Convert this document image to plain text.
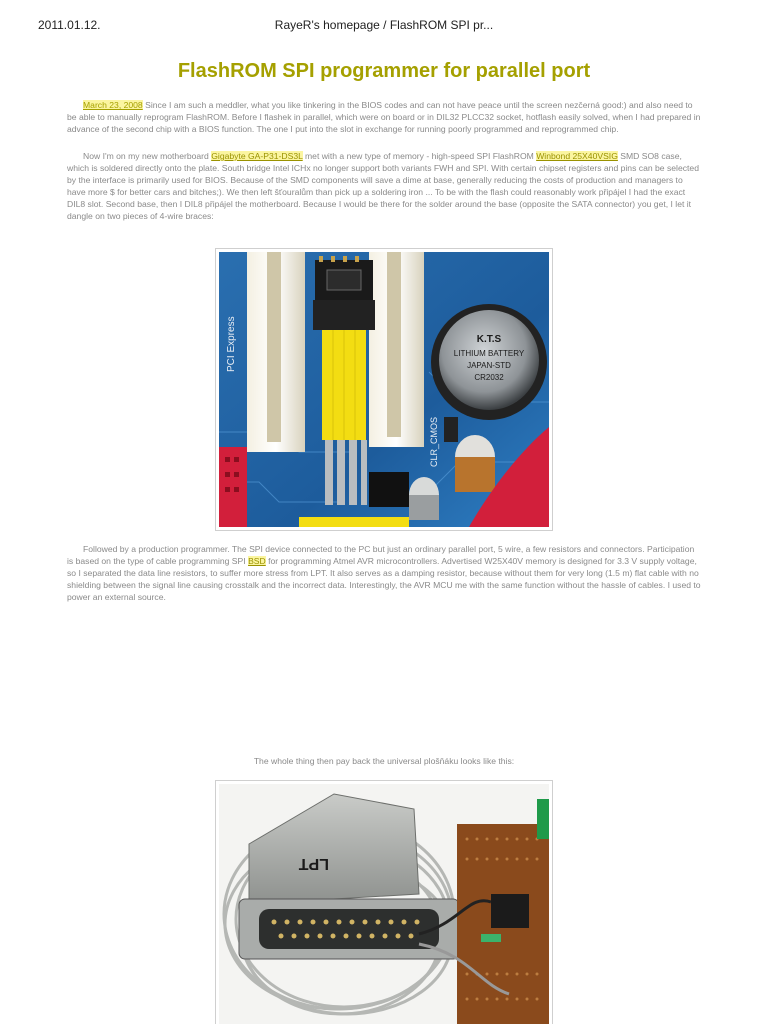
2011.01.12.	RayeR's homepage / FlashROM SPI pr...
FlashROM SPI programmer for parallel port

March 23, 2008 Since I am such a meddler, what you like tinkering in the BIOS codes and can not have peace until the screen nezčerná good:) and also need to be able to manually reprogram FlashROM. Before I flashek in parallel, which were on board or in DIL32 PLCC32 socket, hotflash easily solved, when I had prepared in advance of the second chip with a BIOS function. The one I put into the slot in exchange for running poorly programmed and reprogrammed chip.

Now I'm on my new motherboard Gigabyte GA-P31-DS3L met with a new type of memory - high-speed SPI FlashROM Winbond 25X40VSIG SMD SO8 case, which is soldered directly onto the plate. South bridge Intel ICHx no longer support both variants FWH and SPI. With certain chipset registers and pins can be selected by the interface is primarily used for BIOS. Because of the SMD components will save a dime at base, generally reducing the costs of production and managers to have more $ for better cars and bitches;). We then left šťouralům than pick up a soldering iron ... To be with the flash could reasonably work připájel I had the exact DIL8 slot. Second base, then I DIL8 připájel the motherboard. Because I would be there for the solder around the base (opposite the SATA connector) you get, I let it dangle on two pieces of 4-wire braces:

PCI Express	K.T.S
LITHIUM BATTERY
JAPAN-STD
CR2032
CLR_CMOS

Followed by a production programmer. The SPI device connected to the PC but just an ordinary parallel port, 5 wire, a few resistors and connectors. Participation is based on the type of cable programming SPI BSD for programming Atmel AVR microcontrollers. Advertised W25X40V memory is designed for 3.3 V supply voltage, so I separated the data line resistors, to suffer more stress from LPT. It also serves as a damping resistor, because without them for very long (1.5 m) flat cable with no shielding between the signal line causing crosstalk and the incorrect data. Interestingly, the AVR MCU me with the same function without the hassle of cables. I used to power an external source.

The whole thing then pay back the universal plošňáku looks like this:

LPT
